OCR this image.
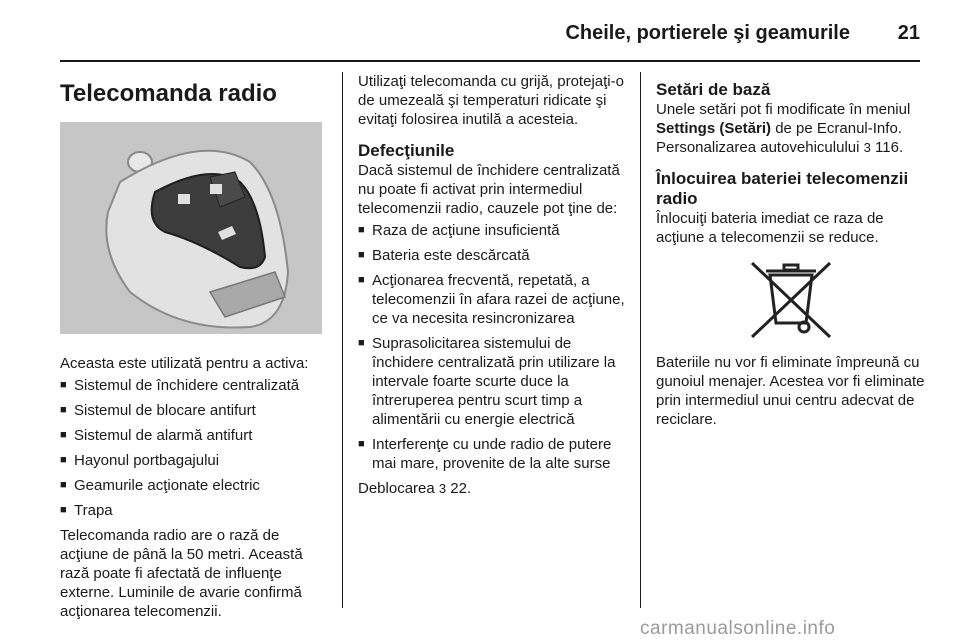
Cheile, portierele şi geamurile 21
Telecomanda radio

Aceasta este utilizată pentru a activa:

■ Sistemul de închidere centralizată
■ Sistemul de blocare antifurt
■ Sistemul de alarmă antifurt
■ Hayonul portbagajului
■ Geamurile acţionate electric
■ Trapa

Telecomanda radio are o rază de acţiune de până la 50 metri. Această rază poate fi afectată de influenţe externe. Luminile de avarie confirmă acţionarea telecomenzii.

Utilizaţi telecomanda cu grijă, protejaţi-o de umezeală şi temperaturi ridicate şi evitaţi folosirea inutilă a acesteia.

Defecţiunile

Dacă sistemul de închidere centralizată nu poate fi activat prin intermediul telecomenzii radio, cauzele pot ţine de:

■ Raza de acţiune insuficientă
■ Bateria este descărcată
■ Acţionarea frecventă, repetată, a telecomenzii în afara razei de acţiune, ce va necesita resincronizarea
■ Suprasolicitarea sistemului de închidere centralizată prin utilizare la intervale foarte scurte duce la întreruperea pentru scurt timp a alimentării cu energie electrică
■ Interferenţe cu unde radio de putere mai mare, provenite de la alte surse

Deblocarea 3 22.

Setări de bază

Unele setări pot fi modificate în meniul Settings (Setări) de pe Ecranul-Info. Personalizarea autovehiculului 3 116.

Înlocuirea bateriei telecomenzii radio

Înlocuiţi bateria imediat ce raza de acţiune a telecomenzii se reduce.

Bateriile nu vor fi eliminate împreună cu gunoiul menajer. Acestea vor fi eliminate prin intermediul unui centru adecvat de reciclare.

carmanualsonline.info
